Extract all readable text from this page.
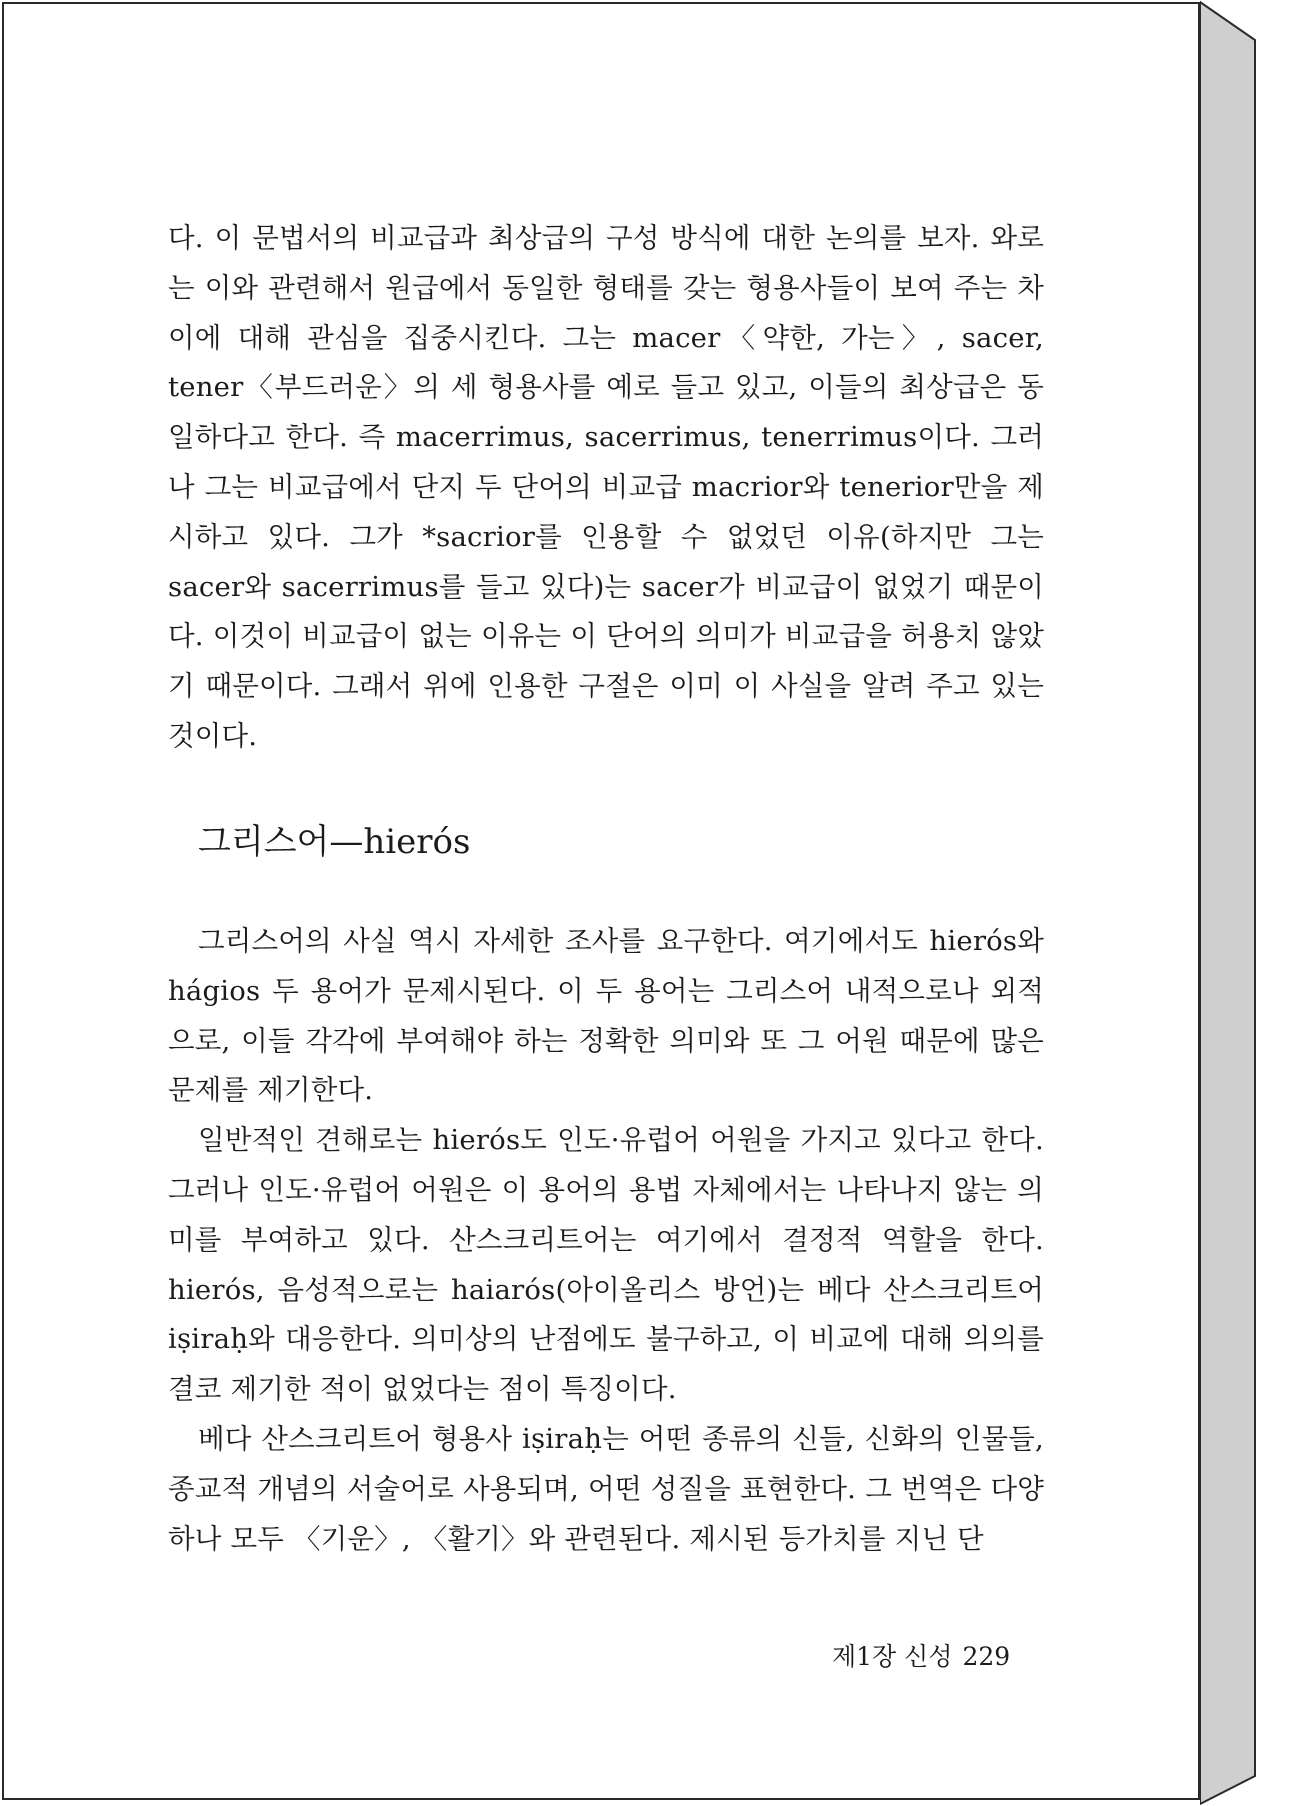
다. 이 문법서의 비교급과 최상급의 구성 방식에 대한 논의를 보자. 와로는 이와 관련해서 원급에서 동일한 형태를 갖는 형용사들이 보여 주는 차이에 대해 관심을 집중시킨다. 그는 macer〈약한, 가는〉, sacer, tener〈부드러운〉의 세 형용사를 예로 들고 있고, 이들의 최상급은 동일하다고 한다. 즉 macerrimus, sacerrimus, tenerrimus이다. 그러나 그는 비교급에서 단지 두 단어의 비교급 macrior와 tenerior만을 제시하고 있다. 그가 *sacrior를 인용할 수 없었던 이유(하지만 그는 sacer와 sacerrimus를 들고 있다)는 sacer가 비교급이 없었기 때문이다. 이것이 비교급이 없는 이유는 이 단어의 의미가 비교급을 허용치 않았기 때문이다. 그래서 위에 인용한 구절은 이미 이 사실을 알려 주고 있는 것이다.

그리스어—hierós

그리스어의 사실 역시 자세한 조사를 요구한다. 여기에서도 hierós와 hágios 두 용어가 문제시된다. 이 두 용어는 그리스어 내적으로나 외적으로, 이들 각각에 부여해야 하는 정확한 의미와 또 그 어원 때문에 많은 문제를 제기한다.

일반적인 견해로는 hierós도 인도·유럽어 어원을 가지고 있다고 한다. 그러나 인도·유럽어 어원은 이 용어의 용법 자체에서는 나타나지 않는 의미를 부여하고 있다. 산스크리트어는 여기에서 결정적 역할을 한다. hierós, 음성적으로는 haiarós(아이올리스 방언)는 베다 산스크리트어 iṣiraḥ와 대응한다. 의미상의 난점에도 불구하고, 이 비교에 대해 의의를 결코 제기한 적이 없었다는 점이 특징이다.

베다 산스크리트어 형용사 iṣiraḥ는 어떤 종류의 신들, 신화의 인물들, 종교적 개념의 서술어로 사용되며, 어떤 성질을 표현한다. 그 번역은 다양하나 모두 〈기운〉, 〈활기〉와 관련된다. 제시된 등가치를 지닌 단

제1장 신성 229
